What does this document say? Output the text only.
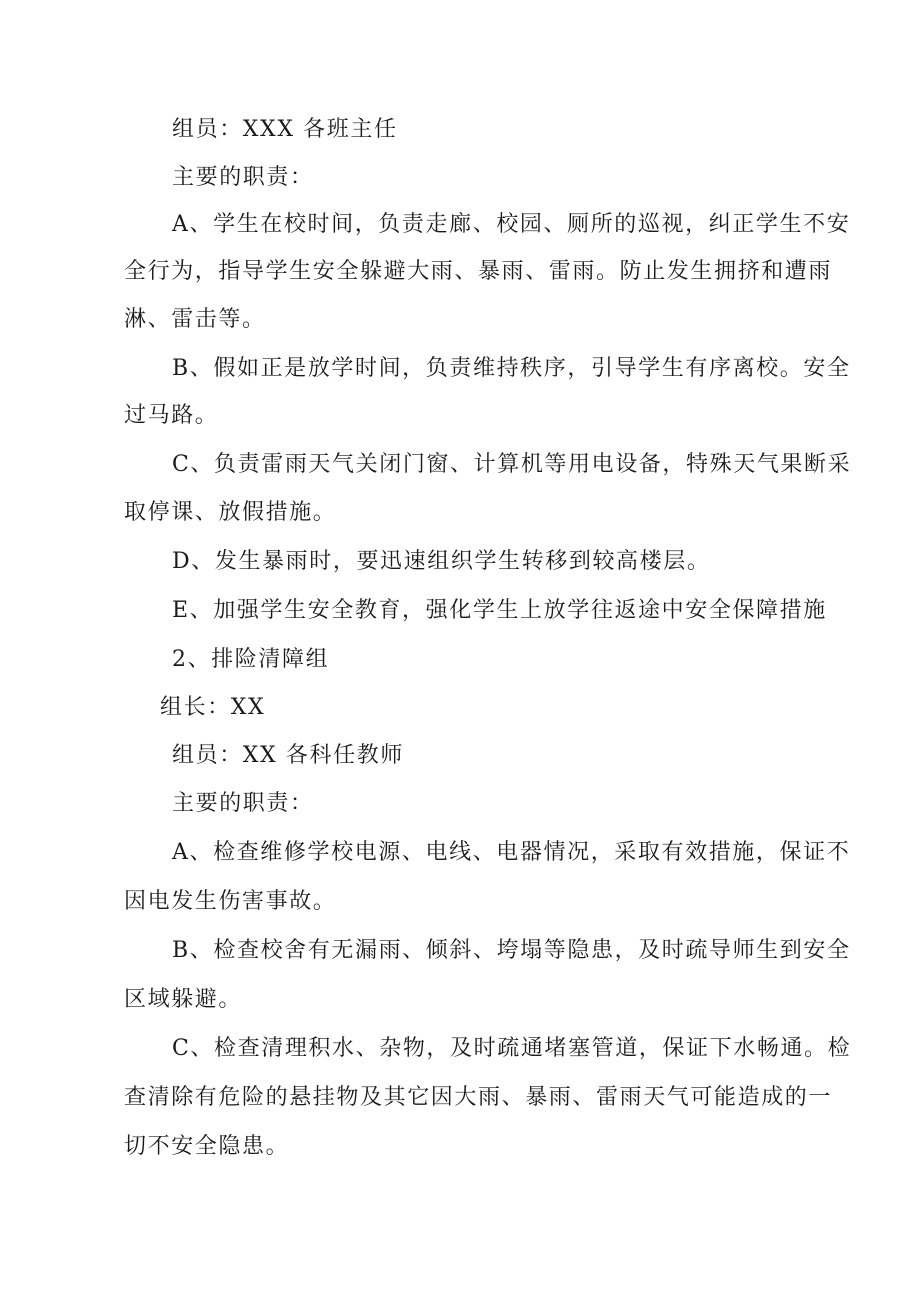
组员：XXX 各班主任
主要的职责：
A、学生在校时间，负责走廊、校园、厕所的巡视，纠正学生不安
全行为，指导学生安全躲避大雨、暴雨、雷雨。防止发生拥挤和遭雨
淋、雷击等。
B、假如正是放学时间，负责维持秩序，引导学生有序离校。安全
过马路。
C、负责雷雨天气关闭门窗、计算机等用电设备，特殊天气果断采
取停课、放假措施。
D、发生暴雨时，要迅速组织学生转移到较高楼层。
E、加强学生安全教育，强化学生上放学往返途中安全保障措施
2、排险清障组
组长：XX
组员：XX 各科任教师
主要的职责：
A、检查维修学校电源、电线、电器情况，采取有效措施，保证不
因电发生伤害事故。
B、检查校舍有无漏雨、倾斜、垮塌等隐患，及时疏导师生到安全
区域躲避。
C、检查清理积水、杂物，及时疏通堵塞管道，保证下水畅通。检
查清除有危险的悬挂物及其它因大雨、暴雨、雷雨天气可能造成的一
切不安全隐患。
